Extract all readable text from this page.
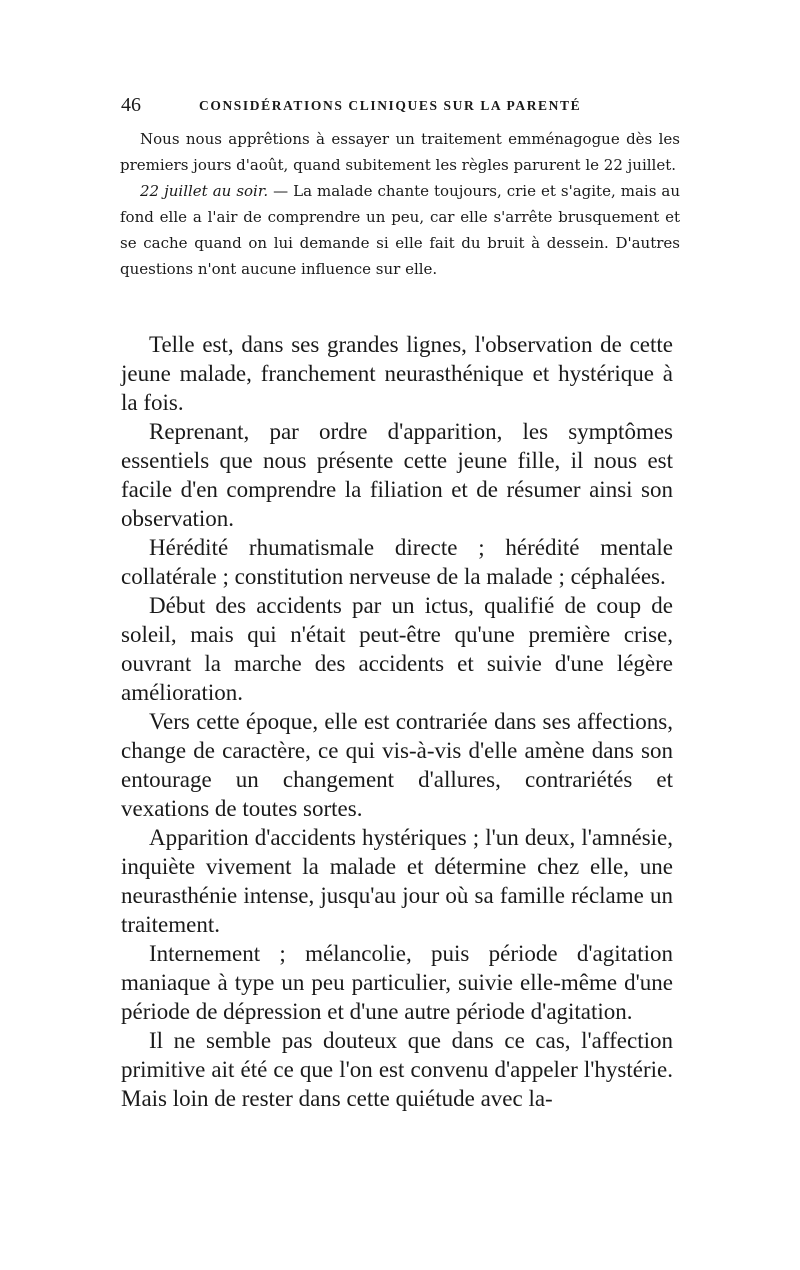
46	CONSIDÉRATIONS CLINIQUES SUR LA PARENTÉ

Nous nous apprêtions à essayer un traitement emménagogue dès les premiers jours d'août, quand subitement les règles parurent le 22 juillet.

22 juillet au soir. — La malade chante toujours, crie et s'agite, mais au fond elle a l'air de comprendre un peu, car elle s'arrête brusquement et se cache quand on lui demande si elle fait du bruit à dessein. D'autres questions n'ont aucune influence sur elle.

Telle est, dans ses grandes lignes, l'observation de cette jeune malade, franchement neurasthénique et hystérique à la fois.

Reprenant, par ordre d'apparition, les symptômes essentiels que nous présente cette jeune fille, il nous est facile d'en comprendre la filiation et de résumer ainsi son observation.

Hérédité rhumatismale directe ; hérédité mentale collatérale ; constitution nerveuse de la malade ; céphalées.

Début des accidents par un ictus, qualifié de coup de soleil, mais qui n'était peut-être qu'une première crise, ouvrant la marche des accidents et suivie d'une légère amélioration.

Vers cette époque, elle est contrariée dans ses affections, change de caractère, ce qui vis-à-vis d'elle amène dans son entourage un changement d'allures, contrariétés et vexations de toutes sortes.

Apparition d'accidents hystériques ; l'un deux, l'amnésie, inquiète vivement la malade et détermine chez elle, une neurasthénie intense, jusqu'au jour où sa famille réclame un traitement.

Internement ; mélancolie, puis période d'agitation maniaque à type un peu particulier, suivie elle-même d'une période de dépression et d'une autre période d'agitation.

Il ne semble pas douteux que dans ce cas, l'affection primitive ait été ce que l'on est convenu d'appeler l'hystérie. Mais loin de rester dans cette quiétude avec la-
